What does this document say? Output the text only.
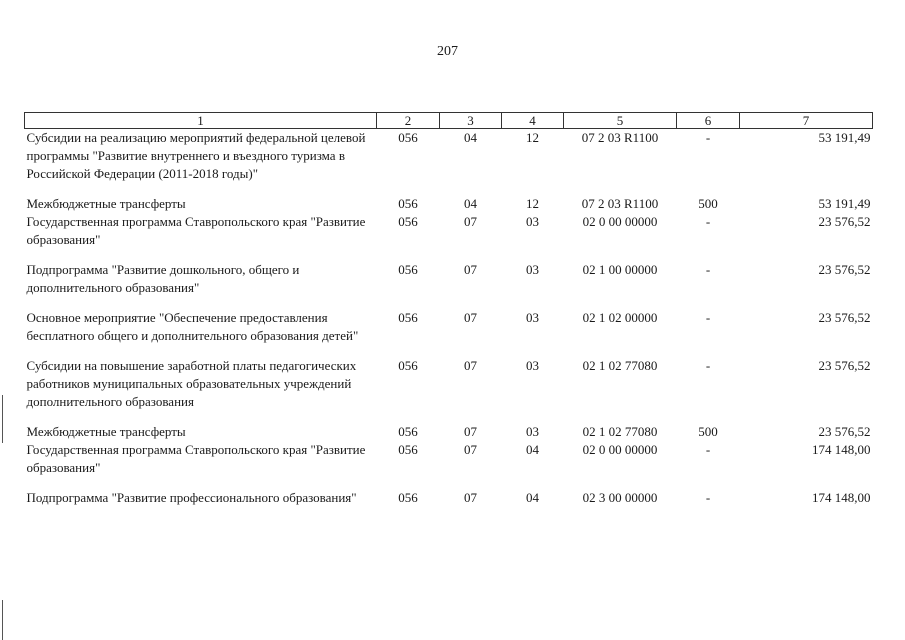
207
1	2	3	4	5	6	7
Субсидии на реализацию мероприятий федеральной целевой программы "Развитие внутреннего и въездного туризма в Российской Федерации (2011-2018 годы)"	056	04	12	07 2 03 R1100	-	53 191,49
Межбюджетные трансферты	056	04	12	07 2 03 R1100	500	53 191,49
Государственная программа Ставропольского края "Развитие образования"	056	07	03	02 0 00 00000	-	23 576,52
Подпрограмма "Развитие дошкольного, общего и дополнительного образования"	056	07	03	02 1 00 00000	-	23 576,52
Основное мероприятие "Обеспечение предоставления бесплатного общего и дополнительного образования детей"	056	07	03	02 1 02 00000	-	23 576,52
Субсидии на повышение заработной платы педагогических работников муниципальных образовательных учреждений дополнительного образования	056	07	03	02 1 02 77080	-	23 576,52
Межбюджетные трансферты	056	07	03	02 1 02 77080	500	23 576,52
Государственная программа Ставропольского края "Развитие образования"	056	07	04	02 0 00 00000	-	174 148,00
Подпрограмма "Развитие профессионального образования"	056	07	04	02 3 00 00000	-	174 148,00
